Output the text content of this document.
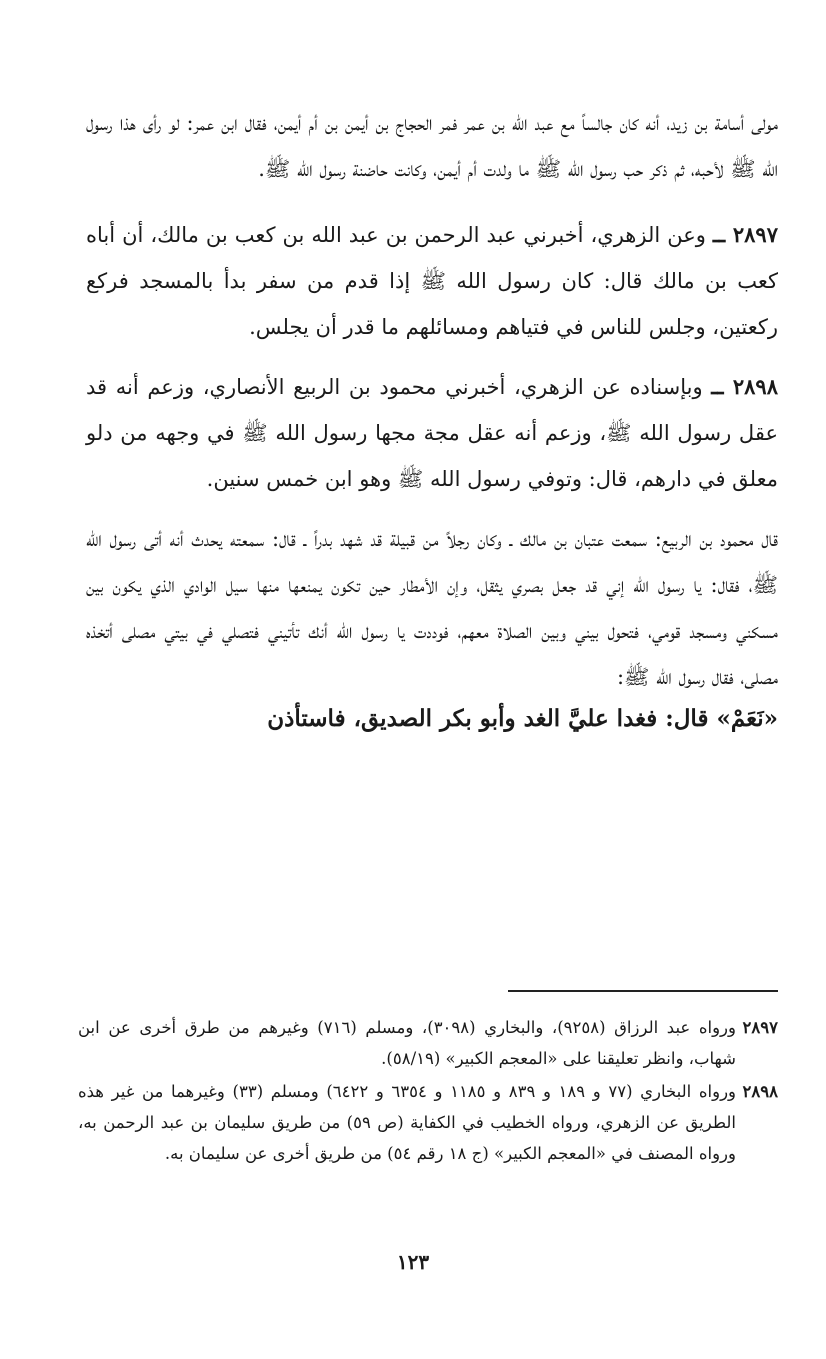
مولى أسامة بن زيد، أنه كان جالساً مع عبد الله بن عمر فمر الحجاج بن أيمن بن أم أيمن، فقال ابن عمر: لو رأى هذا رسول الله ﷺ لأحبه، ثم ذكر حب رسول الله ﷺ ما ولدت أم أيمن، وكانت حاضنة رسول الله ﷺ.

٢٨٩٧ ــ وعن الزهري، أخبرني عبد الرحمن بن عبد الله بن كعب بن مالك، أن أباه كعب بن مالك قال: كان رسول الله ﷺ إذا قدم من سفر بدأ بالمسجد فركع ركعتين، وجلس للناس في فتياهم ومسائلهم ما قدر أن يجلس.

٢٨٩٨ ــ وبإسناده عن الزهري، أخبرني محمود بن الربيع الأنصاري، وزعم أنه قد عقل رسول الله ﷺ، وزعم أنه عقل مجة مجها رسول الله ﷺ في وجهه من دلو معلق في دارهم، قال: وتوفي رسول الله ﷺ وهو ابن خمس سنين.

قال محمود بن الربيع: سمعت عتبان بن مالك ـ وكان رجلاً من قبيلة قد شهد بدراً ـ قال: سمعته يحدث أنه أتى رسول الله ﷺ، فقال: يا رسول الله إني قد جعل بصري يثقل، وإن الأمطار حين تكون يمنعها منها سيل الوادي الذي يكون بين مسكني ومسجد قومي، فتحول بيني وبين الصلاة معهم، فوددت يا رسول الله أنك تأتيني فتصلي في بيتي مصلى أتخذه مصلى، فقال رسول الله ﷺ:

«نَعَمْ» قال: فغدا عليَّ الغد وأبو بكر الصديق، فاستأذن

٢٨٩٧
ورواه عبد الرزاق (٩٢٥٨)، والبخاري (٣٠٩٨)، ومسلم (٧١٦) وغيرهم من طرق أخرى عن ابن شهاب، وانظر تعليقنا على «المعجم الكبير» (٥٨/١٩).
٢٨٩٨
ورواه البخاري (٧٧ و ١٨٩ و ٨٣٩ و ١١٨٥ و ٦٣٥٤ و ٦٤٢٢) ومسلم (٣٣) وغيرهما من غير هذه الطريق عن الزهري، ورواه الخطيب في الكفاية (ص ٥٩) من طريق سليمان بن عبد الرحمن به، ورواه المصنف في «المعجم الكبير» (ج ١٨ رقم ٥٤) من طريق أخرى عن سليمان به.
١٢٣
